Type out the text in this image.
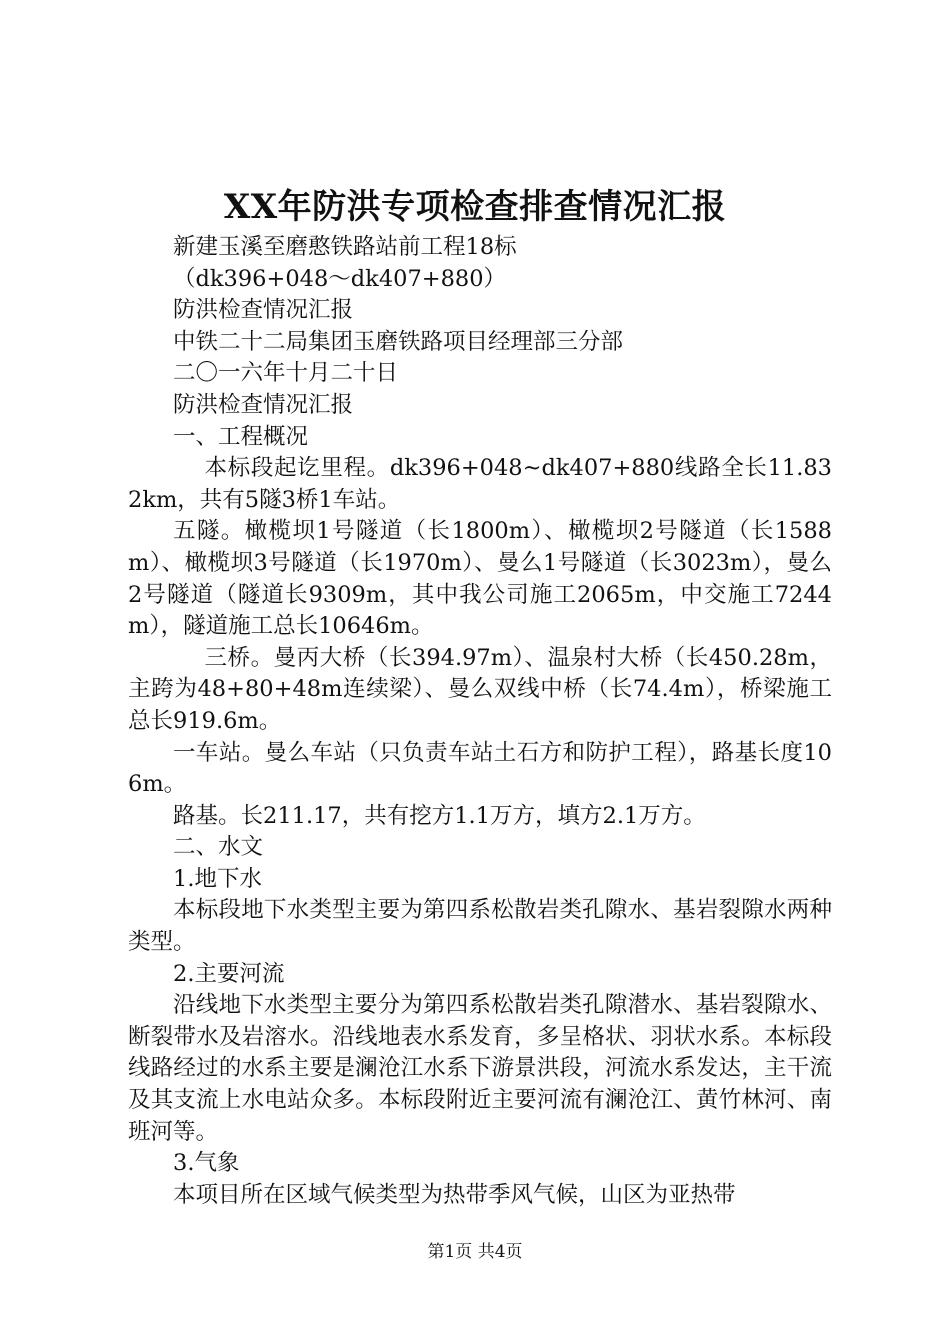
XX年防洪专项检查排查情况汇报

新建玉溪至磨憨铁路站前工程18标

（dk396+048～dk407+880）

防洪检查情况汇报

中铁二十二局集团玉磨铁路项目经理部三分部

二〇一六年十月二十日

防洪检查情况汇报

一、工程概况

本标段起讫里程。dk396+048~dk407+880线路全长11.832km，共有5隧3桥1车站。

五隧。橄榄坝1号隧道（长1800m）、橄榄坝2号隧道（长1588m）、橄榄坝3号隧道（长1970m）、曼么1号隧道（长3023m），曼么2号隧道（隧道长9309m，其中我公司施工2065m，中交施工7244m），隧道施工总长10646m。

三桥。曼丙大桥（长394.97m）、温泉村大桥（长450.28m，主跨为48+80+48m连续梁）、曼么双线中桥（长74.4m），桥梁施工总长919.6m。

一车站。曼么车站（只负责车站土石方和防护工程），路基长度106m。

路基。长211.17，共有挖方1.1万方，填方2.1万方。

二、水文

1.地下水

本标段地下水类型主要为第四系松散岩类孔隙水、基岩裂隙水两种类型。

2.主要河流

沿线地下水类型主要分为第四系松散岩类孔隙潜水、基岩裂隙水、断裂带水及岩溶水。沿线地表水系发育，多呈格状、羽状水系。本标段线路经过的水系主要是澜沧江水系下游景洪段，河流水系发达，主干流及其支流上水电站众多。本标段附近主要河流有澜沧江、黄竹林河、南班河等。

3.气象

本项目所在区域气候类型为热带季风气候，山区为亚热带

第1页 共4页
